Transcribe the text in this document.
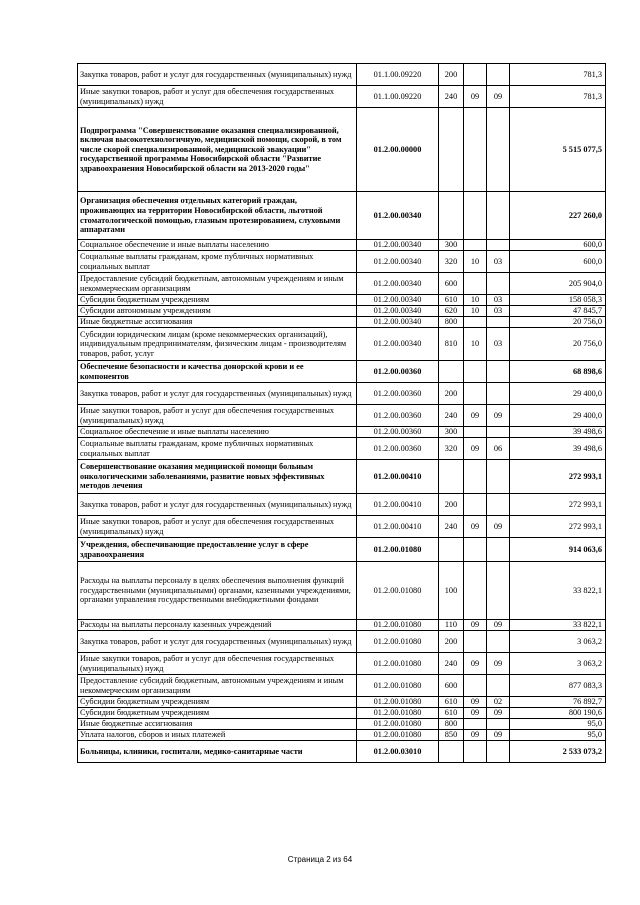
Закупка товаров, работ и услуг для государственных (муниципальных) нужд	01.1.00.09220	200			781,3
Иные закупки товаров, работ и услуг для обеспечения государственных (муниципальных) нужд	01.1.00.09220	240	09	09	781,3
Подпрограмма "Совершенствование оказания специализированной, включая высокотехнологичную, медицинской помощи, скорой, в том числе скорой специализированной, медицинской эвакуации" государственной программы Новосибирской области "Развитие здравоохранения Новосибирской области на 2013-2020 годы"	01.2.00.00000				5 515 077,5
Организация обеспечения отдельных категорий граждан, проживающих на территории Новосибирской области, льготной стоматологической помощью, глазным протезированием, слуховыми аппаратами	01.2.00.00340				227 260,0
Социальное обеспечение и иные выплаты населению	01.2.00.00340	300			600,0
Социальные выплаты гражданам, кроме публичных нормативных социальных выплат	01.2.00.00340	320	10	03	600,0
Предоставление субсидий бюджетным, автономным учреждениям и иным некоммерческим организациям	01.2.00.00340	600			205 904,0
Субсидии бюджетным учреждениям	01.2.00.00340	610	10	03	158 058,3
Субсидии автономным учреждениям	01.2.00.00340	620	10	03	47 845,7
Иные бюджетные ассигнования	01.2.00.00340	800			20 756,0
Субсидии юридическим лицам (кроме некоммерческих организаций), индивидуальным предпринимателям, физическим лицам - производителям товаров, работ, услуг	01.2.00.00340	810	10	03	20 756,0
Обеспечение безопасности и качества донорской крови и ее компонентов	01.2.00.00360				68 898,6
Закупка товаров, работ и услуг для государственных (муниципальных) нужд	01.2.00.00360	200			29 400,0
Иные закупки товаров, работ и услуг для обеспечения государственных (муниципальных) нужд	01.2.00.00360	240	09	09	29 400,0
Социальное обеспечение и иные выплаты населению	01.2.00.00360	300			39 498,6
Социальные выплаты гражданам, кроме публичных нормативных социальных выплат	01.2.00.00360	320	09	06	39 498,6
Совершенствование оказания медицинской помощи больным онкологическими заболеваниями, развитие новых эффективных методов лечения	01.2.00.00410				272 993,1
Закупка товаров, работ и услуг для государственных (муниципальных) нужд	01.2.00.00410	200			272 993,1
Иные закупки товаров, работ и услуг для обеспечения государственных (муниципальных) нужд	01.2.00.00410	240	09	09	272 993,1
Учреждения, обеспечивающие предоставление услуг в сфере здравоохранения	01.2.00.01080				914 063,6
Расходы на выплаты персоналу в целях обеспечения выполнения функций государственными (муниципальными) органами, казенными учреждениями, органами управления государственными внебюджетными фондами	01.2.00.01080	100			33 822,1
Расходы на выплаты персоналу казенных учреждений	01.2.00.01080	110	09	09	33 822,1
Закупка товаров, работ и услуг для государственных (муниципальных) нужд	01.2.00.01080	200			3 063,2
Иные закупки товаров, работ и услуг для обеспечения государственных (муниципальных) нужд	01.2.00.01080	240	09	09	3 063,2
Предоставление субсидий бюджетным, автономным учреждениям и иным некоммерческим организациям	01.2.00.01080	600			877 083,3
Субсидии бюджетным учреждениям	01.2.00.01080	610	09	02	76 892,7
Субсидии бюджетным учреждениям	01.2.00.01080	610	09	09	800 190,6
Иные бюджетные ассигнования	01.2.00.01080	800			95,0
Уплата налогов, сборов и иных платежей	01.2.00.01080	850	09	09	95,0
Больницы, клиники, госпитали, медико-санитарные части	01.2.00.03010				2 533 073,2
Страница 2 из 64
